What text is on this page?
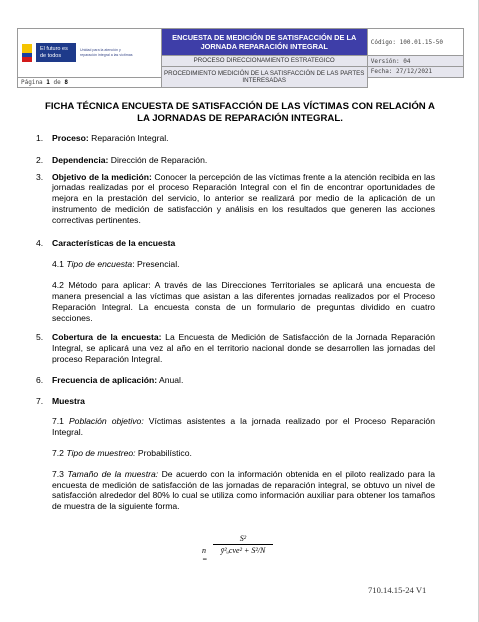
El futuro es de todos
Unidad para la atención y reparación integral a las víctimas	ENCUESTA DE MEDICIÓN DE SATISFACCIÓN DE LA JORNADA REPARACIÓN INTEGRAL	Código: 100.01.15-50
	PROCESO DIRECCIONAMIENTO ESTRATEGICO	Versión: 04
	PROCEDIMIENTO MEDICIÓN DE LA SATISFACCIÓN DE LAS PARTES INTERESADAS	Fecha: 27/12/2021
Página 1 de 8		
FICHA TÉCNICA ENCUESTA DE SATISFACCIÓN DE LAS VÍCTIMAS CON RELACIÓN A LA JORNADAS DE REPARACIÓN INTEGRAL.
1. Proceso: Reparación Integral.
2. Dependencia: Dirección de Reparación.
3. Objetivo de la medición: Conocer la percepción de las víctimas frente a la atención recibida en las jornadas realizadas por el proceso Reparación Integral con el fin de encontrar oportunidades de mejora en la prestación del servicio, lo anterior se realizará por medio de la aplicación de un instrumento de medición de satisfacción y análisis en los resultados que generen las acciones correctivas pertinentes.
4. Características de la encuesta
4.1 Tipo de encuesta: Presencial.
4.2 Método para aplicar: A través de las Direcciones Territoriales se aplicará una encuesta de manera presencial a las víctimas que asistan a las diferentes jornadas realizados por el Proceso Reparación Integral. La encuesta consta de un formulario de preguntas dividido en cuatro secciones.
5. Cobertura de la encuesta: La Encuesta de Medición de Satisfacción de la Jornada Reparación Integral, se aplicará una vez al año en el territorio nacional donde se desarrollen las jornadas del proceso Reparación Integral.
6. Frecuencia de aplicación: Anual.
7. Muestra
7.1 Población objetivo: Víctimas asistentes a la jornada realizado por el Proceso Reparación Integral.
7.2 Tipo de muestreo: Probabilístico.
7.3 Tamaño de la muestra: De acuerdo con la información obtenida en el piloto realizado para la encuesta de medición de satisfacción de las jornadas de reparación integral, se obtuvo un nivel de satisfacción alrededor del 80% lo cual se utiliza como información auxiliar para obtener los tamaños de muestra de la siguiente forma.
n =
S²
ȳ²ᵤcve² + S²/N
710.14.15-24 V1
